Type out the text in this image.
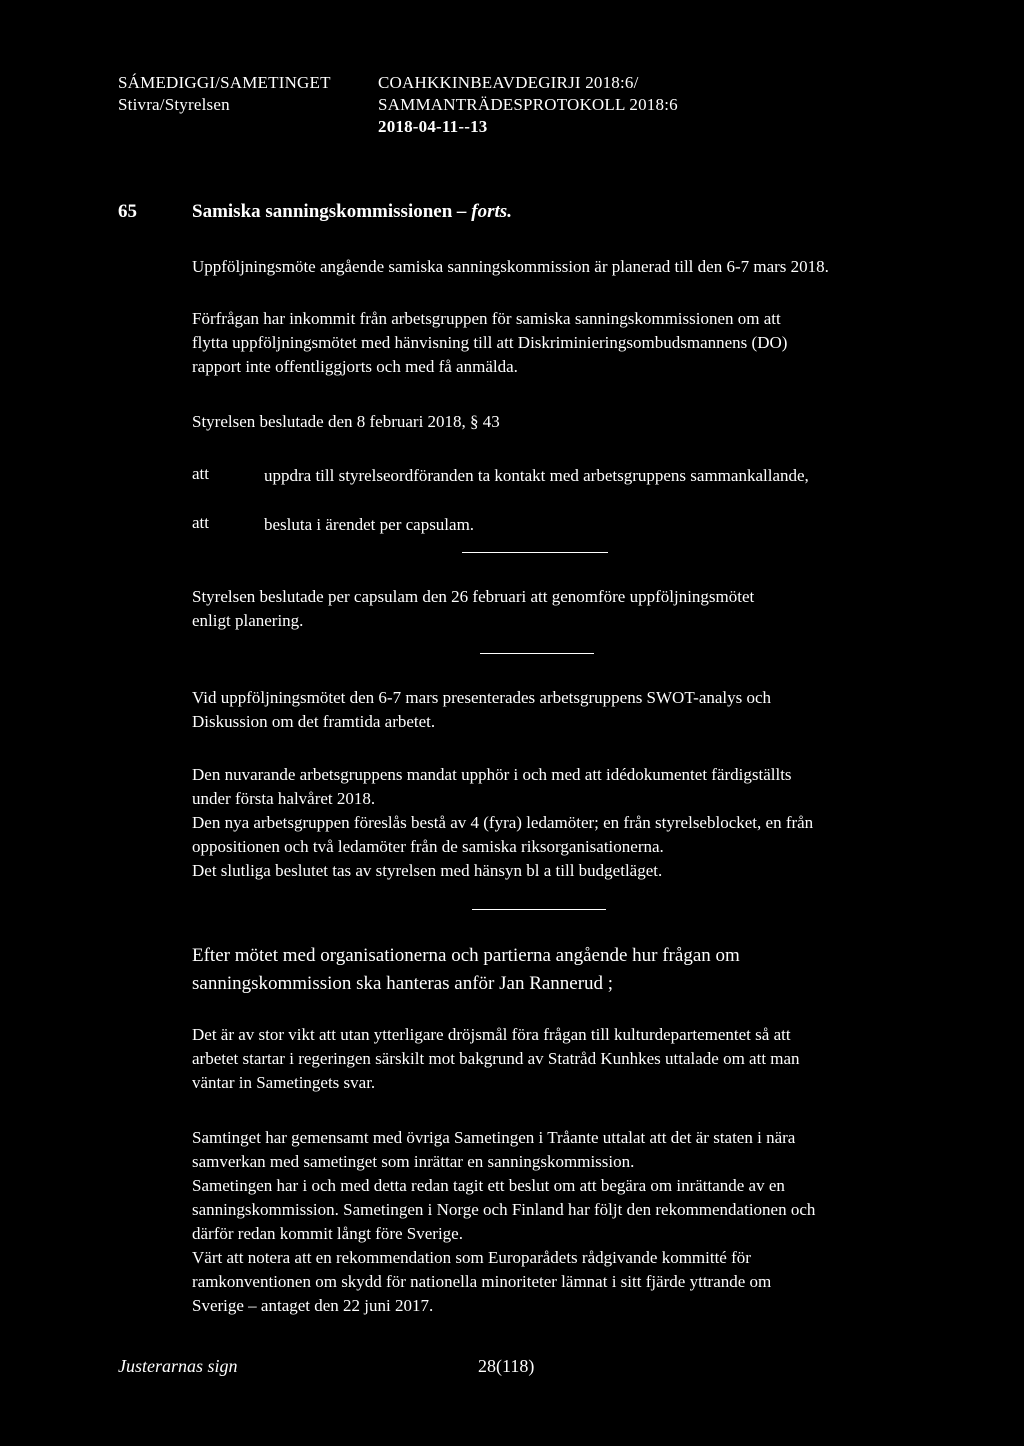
SÁMEDIGGI/SAMETINGET
Stivra/Styrelsen
COAHKKINBEAVDEGIRJI 2018:6/
SAMMANTRÄDESPROTOKOLL 2018:6
2018-04-11--13
65	Samiska sanningskommissionen – forts.
Uppföljningsmöte angående samiska sanningskommission är planerad till den 6-7 mars 2018.
Förfrågan har inkommit från arbetsgruppen för samiska sanningskommissionen om att
flytta uppföljningsmötet med hänvisning till att Diskriminieringsombudsmannens (DO)
rapport inte offentliggjorts och med få anmälda.
Styrelsen beslutade den 8 februari 2018, § 43
att	uppdra till styrelseordföranden ta kontakt med arbetsgruppens sammankallande,
att	besluta i ärendet per capsulam.
Styrelsen beslutade per capsulam den 26 februari att genomföre uppföljningsmötet
enligt planering.
Vid uppföljningsmötet den 6-7 mars presenterades arbetsgruppens SWOT-analys och
Diskussion om det framtida arbetet.
Den nuvarande arbetsgruppens mandat upphör i och med att idédokumentet färdigställts
under första halvåret 2018.
Den nya arbetsgruppen föreslås bestå av 4 (fyra) ledamöter; en från styrelseblocket, en från
oppositionen och två ledamöter från de samiska riksorganisationerna.
Det slutliga beslutet tas av styrelsen med hänsyn bl a till budgetläget.
Efter mötet med organisationerna och partierna angående hur frågan om
sanningskommission ska hanteras anför Jan Rannerud ;
Det är av stor vikt att utan ytterligare dröjsmål föra frågan till kulturdepartementet så att
arbetet startar i regeringen särskilt mot bakgrund av Statråd Kunhkes uttalade om att man
väntar in Sametingets svar.
Samtinget har gemensamt med övriga Sametingen i Tråante uttalat att det är staten i nära
samverkan med sametinget som inrättar en sanningskommission.
Sametingen har i och med detta redan tagit ett beslut om att begära om inrättande av en
sanningskommission. Sametingen i Norge och Finland har följt den rekommendationen och
därför redan kommit långt före Sverige.
Värt att notera att en rekommendation som Europarådets rådgivande kommitté för
ramkonventionen om skydd för nationella minoriteter lämnat i sitt fjärde yttrande om
Sverige – antaget den 22 juni 2017.
Justerarnas sign	28(118)
